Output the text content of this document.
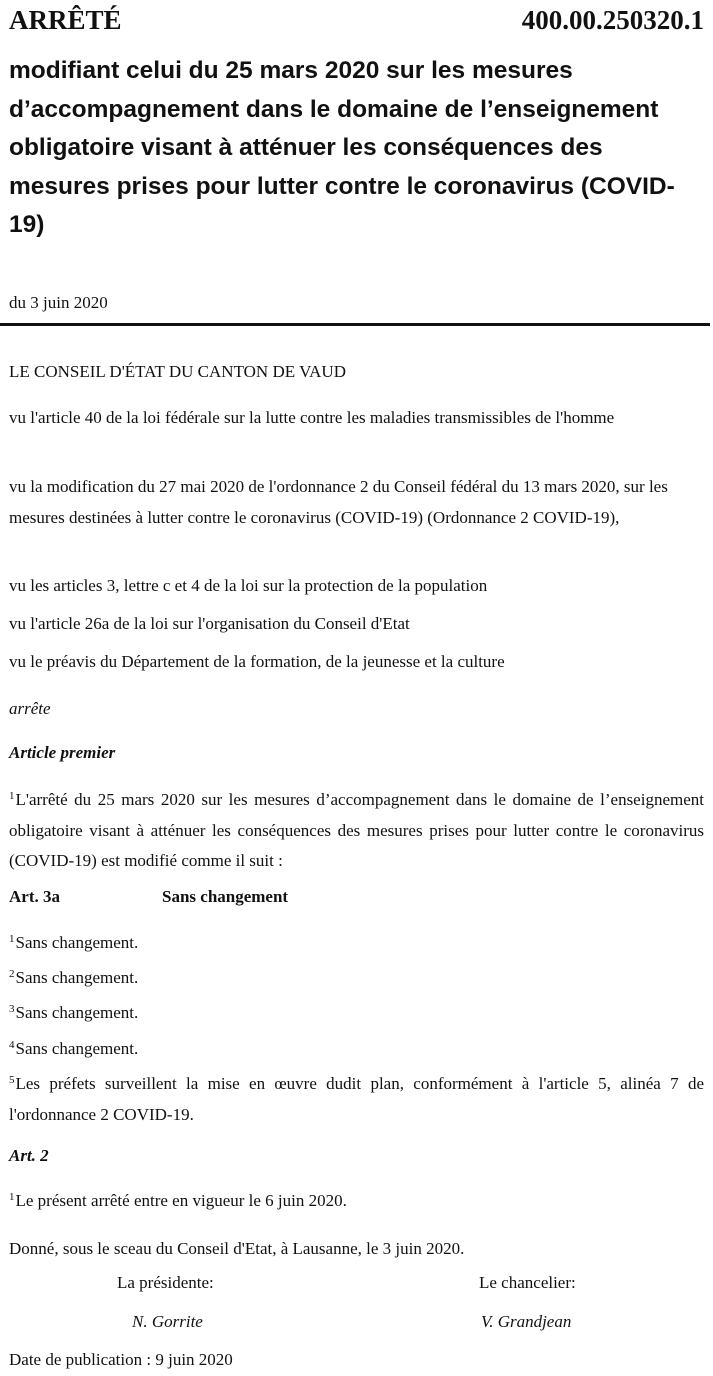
ARRÊTÉ	400.00.250320.1

modifiant celui du 25 mars 2020 sur les mesures d’accompagnement dans le domaine de l’enseignement obligatoire visant à atténuer les conséquences des mesures prises pour lutter contre le coronavirus (COVID-19)

du 3 juin 2020

LE CONSEIL D'ÉTAT DU CANTON DE VAUD

vu l'article 40 de la loi fédérale sur la lutte contre les maladies transmissibles de l'homme

vu la modification du 27 mai 2020 de l'ordonnance 2 du Conseil fédéral du 13 mars 2020, sur les mesures destinées à lutter contre le coronavirus (COVID-19) (Ordonnance 2 COVID-19),

vu les articles 3, lettre c et 4 de la loi sur la protection de la population

vu l'article 26a de la loi sur l'organisation du Conseil d'Etat

vu le préavis du Département de la formation, de la jeunesse et la culture

arrête

Article premier

$^1$L'arrêté du 25 mars 2020 sur les mesures d’accompagnement dans le domaine de l’enseignement obligatoire visant à atténuer les conséquences des mesures prises pour lutter contre le coronavirus (COVID-19) est modifié comme il suit :

Art. 3a	Sans changement

$^1$Sans changement.

$^2$Sans changement.

$^3$Sans changement.

$^4$Sans changement.

$^5$Les préfets surveillent la mise en œuvre dudit plan, conformément à l'article 5, alinéa 7 de l'ordonnance 2 COVID-19.

Art. 2

$^1$Le présent arrêté entre en vigueur le 6 juin 2020.

Donné, sous le sceau du Conseil d'Etat, à Lausanne, le 3 juin 2020.

La présidente:	Le chancelier:
N. Gorrite	V. Grandjean
Date de publication : 9 juin 2020
